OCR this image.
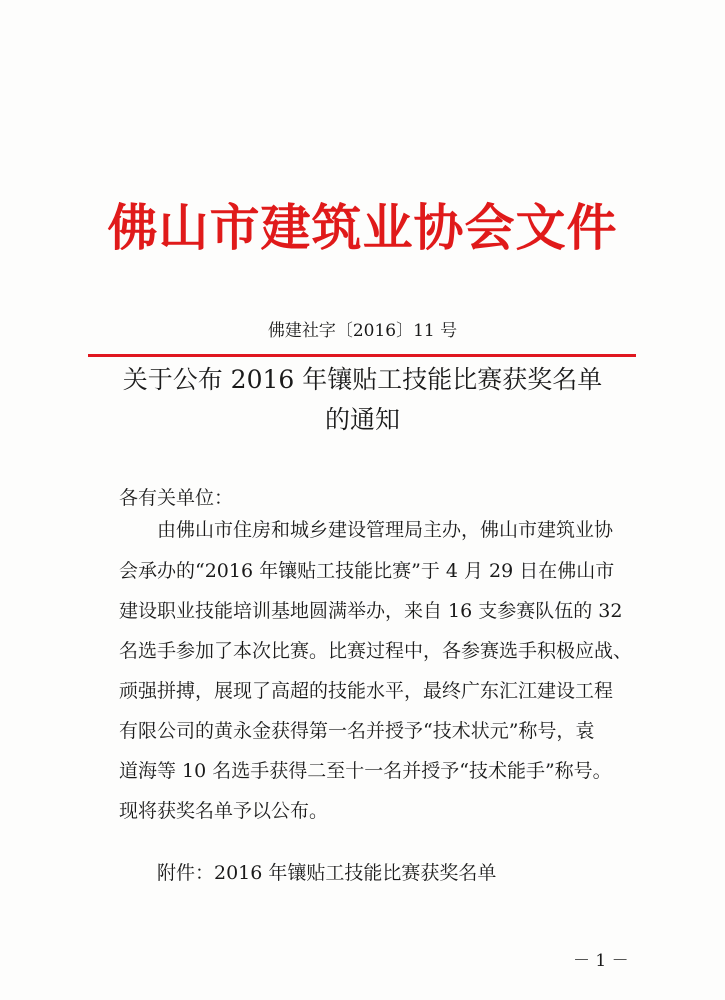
佛山市建筑业协会文件
佛建社字〔2016〕11 号
关于公布 2016 年镶贴工技能比赛获奖名单
的通知
各有关单位：
由佛山市住房和城乡建设管理局主办，佛山市建筑业协
会承办的“2016 年镶贴工技能比赛”于 4 月 29 日在佛山市
建设职业技能培训基地圆满举办，来自 16 支参赛队伍的 32
名选手参加了本次比赛。比赛过程中，各参赛选手积极应战、
顽强拼搏，展现了高超的技能水平，最终广东汇江建设工程
有限公司的黄永金获得第一名并授予“技术状元”称号，袁
道海等 10 名选手获得二至十一名并授予“技术能手”称号。
现将获奖名单予以公布。
附件：2016 年镶贴工技能比赛获奖名单
－ 1 －
